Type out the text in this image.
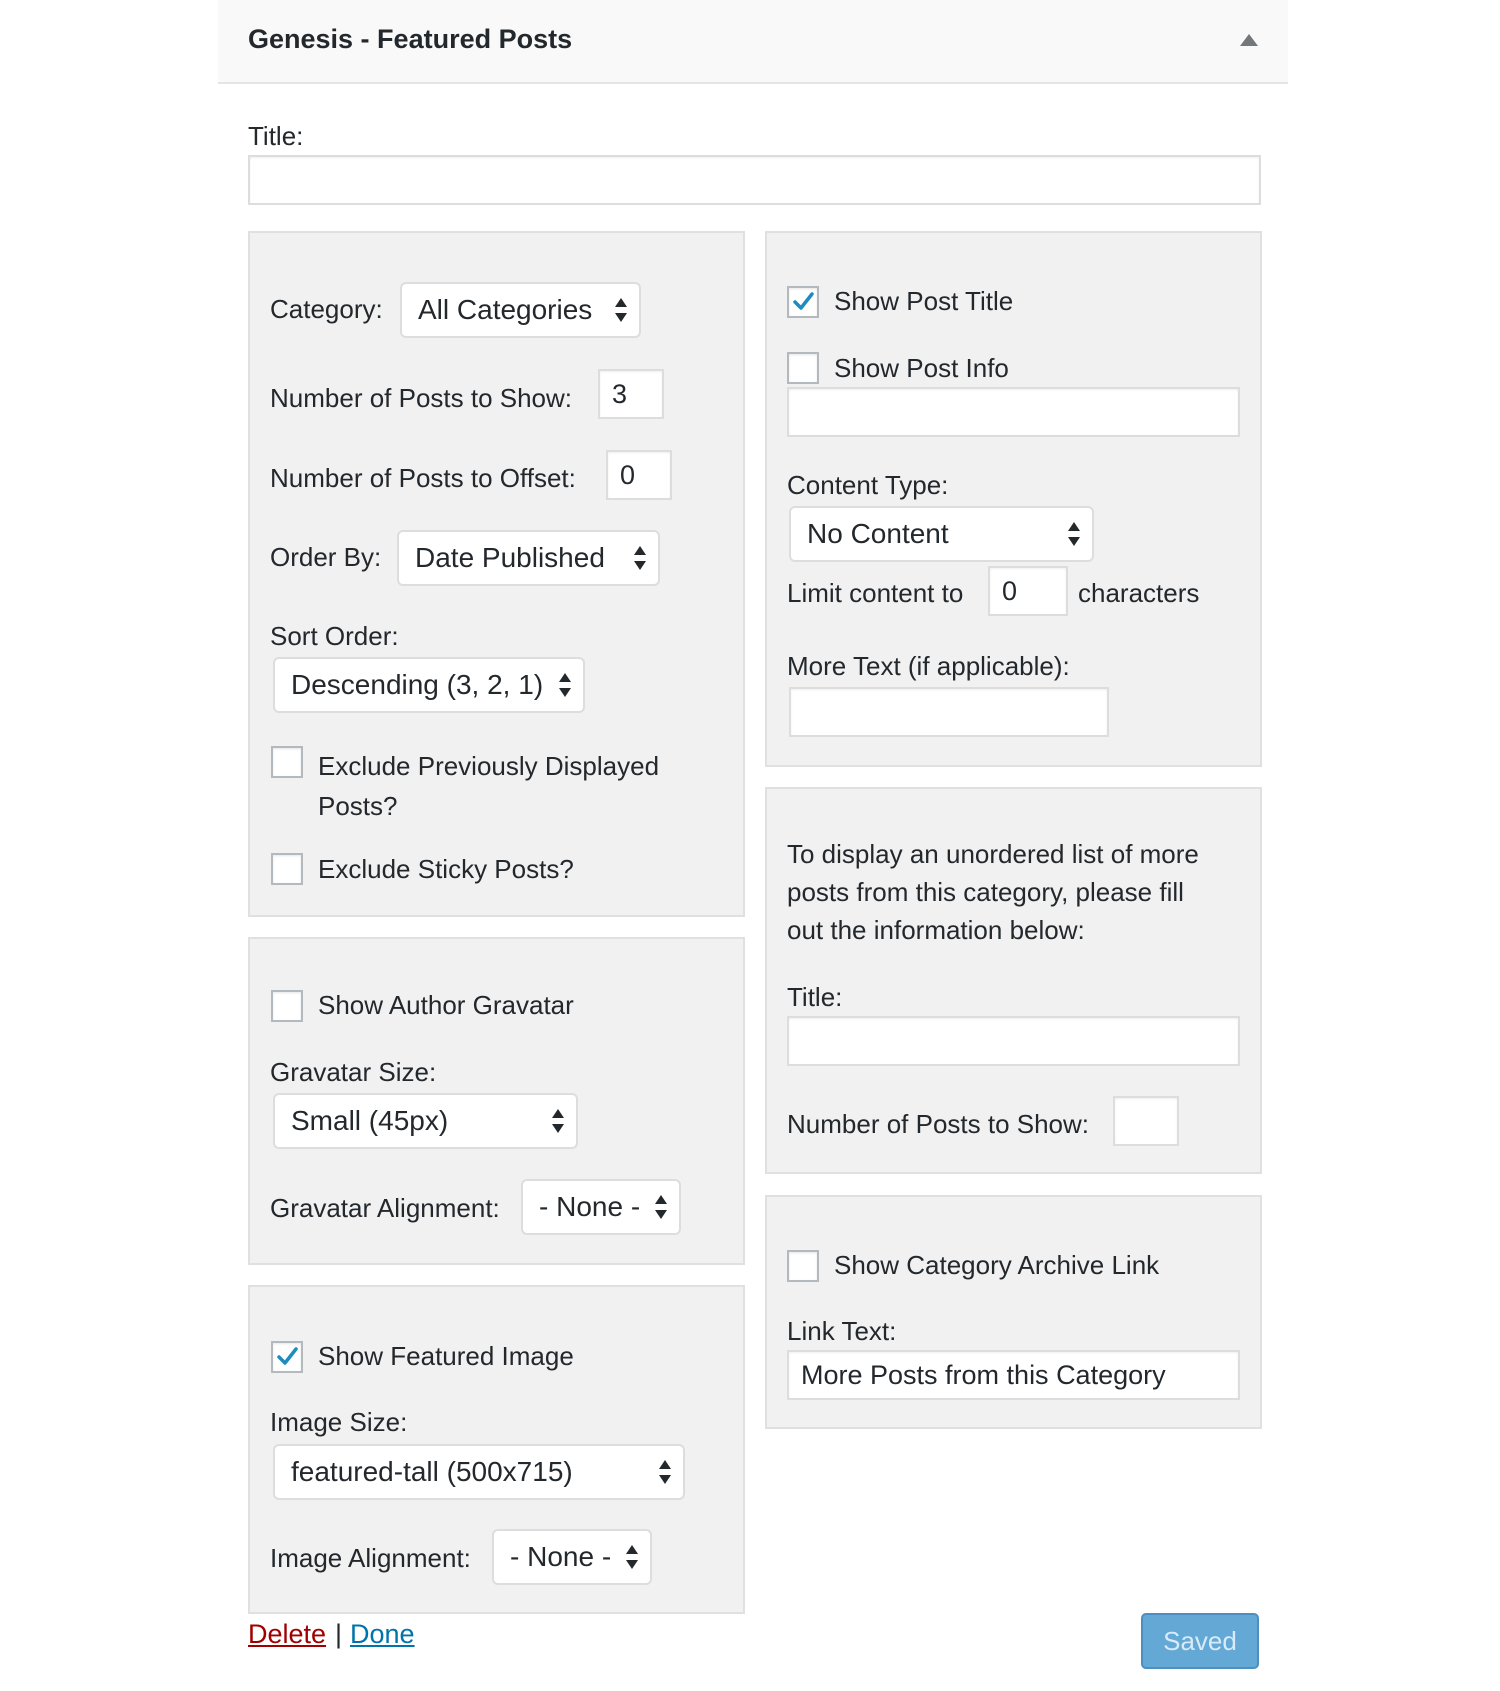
Genesis - Featured Posts
Title:
Category: All Categories
Number of Posts to Show:
3
Number of Posts to Offset:
0
Order By: Date Published
Sort Order:
Descending (3, 2, 1)
Exclude Previously Displayed Posts?
Exclude Sticky Posts?
Show Author Gravatar
Gravatar Size:
Small (45px)
Gravatar Alignment: - None -
Show Featured Image
Image Size:
featured-tall (500x715)
Image Alignment: - None -
Show Post Title
Show Post Info
Content Type:
No Content
Limit content to
0	characters
More Text (if applicable):
To display an unordered list of more posts from this category, please fill out the information below:
Title:
Number of Posts to Show:
Show Category Archive Link
Link Text:
More Posts from this Category
Delete | Done	Saved
